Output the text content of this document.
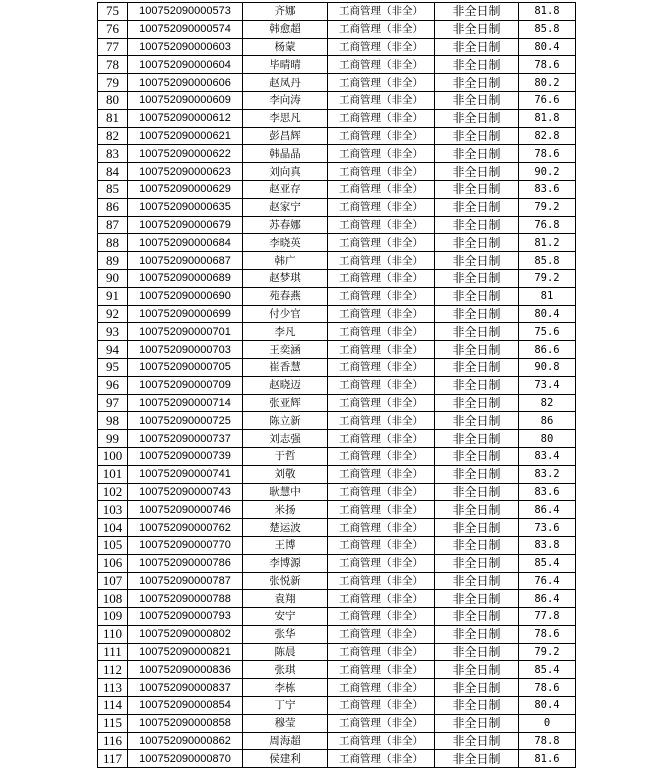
75	100752090000573	齐娜	工商管理（非全）	非全日制	81.8
76	100752090000574	韩愈超	工商管理（非全）	非全日制	85.8
77	100752090000603	杨蒙	工商管理（非全）	非全日制	80.4
78	100752090000604	毕晴晴	工商管理（非全）	非全日制	78.6
79	100752090000606	赵凤丹	工商管理（非全）	非全日制	80.2
80	100752090000609	李向涛	工商管理（非全）	非全日制	76.6
81	100752090000612	李思凡	工商管理（非全）	非全日制	81.8
82	100752090000621	彭昌辉	工商管理（非全）	非全日制	82.8
83	100752090000622	韩晶晶	工商管理（非全）	非全日制	78.6
84	100752090000623	刘向真	工商管理（非全）	非全日制	90.2
85	100752090000629	赵亚存	工商管理（非全）	非全日制	83.6
86	100752090000635	赵家宁	工商管理（非全）	非全日制	79.2
87	100752090000679	苏春娜	工商管理（非全）	非全日制	76.8
88	100752090000684	李晓英	工商管理（非全）	非全日制	81.2
89	100752090000687	韩广	工商管理（非全）	非全日制	85.8
90	100752090000689	赵梦琪	工商管理（非全）	非全日制	79.2
91	100752090000690	苑春燕	工商管理（非全）	非全日制	81
92	100752090000699	付少官	工商管理（非全）	非全日制	80.4
93	100752090000701	李凡	工商管理（非全）	非全日制	75.6
94	100752090000703	王奕涵	工商管理（非全）	非全日制	86.6
95	100752090000705	崔香慧	工商管理（非全）	非全日制	90.8
96	100752090000709	赵晓迈	工商管理（非全）	非全日制	73.4
97	100752090000714	张亚辉	工商管理（非全）	非全日制	82
98	100752090000725	陈立新	工商管理（非全）	非全日制	86
99	100752090000737	刘志强	工商管理（非全）	非全日制	80
100	100752090000739	于哲	工商管理（非全）	非全日制	83.4
101	100752090000741	刘敬	工商管理（非全）	非全日制	83.2
102	100752090000743	耿慧中	工商管理（非全）	非全日制	83.6
103	100752090000746	米扬	工商管理（非全）	非全日制	86.4
104	100752090000762	楚运波	工商管理（非全）	非全日制	73.6
105	100752090000770	王博	工商管理（非全）	非全日制	83.8
106	100752090000786	李博源	工商管理（非全）	非全日制	85.4
107	100752090000787	张悦新	工商管理（非全）	非全日制	76.4
108	100752090000788	袁翔	工商管理（非全）	非全日制	86.4
109	100752090000793	安宁	工商管理（非全）	非全日制	77.8
110	100752090000802	张华	工商管理（非全）	非全日制	78.6
111	100752090000821	陈晨	工商管理（非全）	非全日制	79.2
112	100752090000836	张琪	工商管理（非全）	非全日制	85.4
113	100752090000837	李栋	工商管理（非全）	非全日制	78.6
114	100752090000854	丁宁	工商管理（非全）	非全日制	80.4
115	100752090000858	穆莹	工商管理（非全）	非全日制	0
116	100752090000862	周海超	工商管理（非全）	非全日制	78.8
117	100752090000870	侯建利	工商管理（非全）	非全日制	81.6
